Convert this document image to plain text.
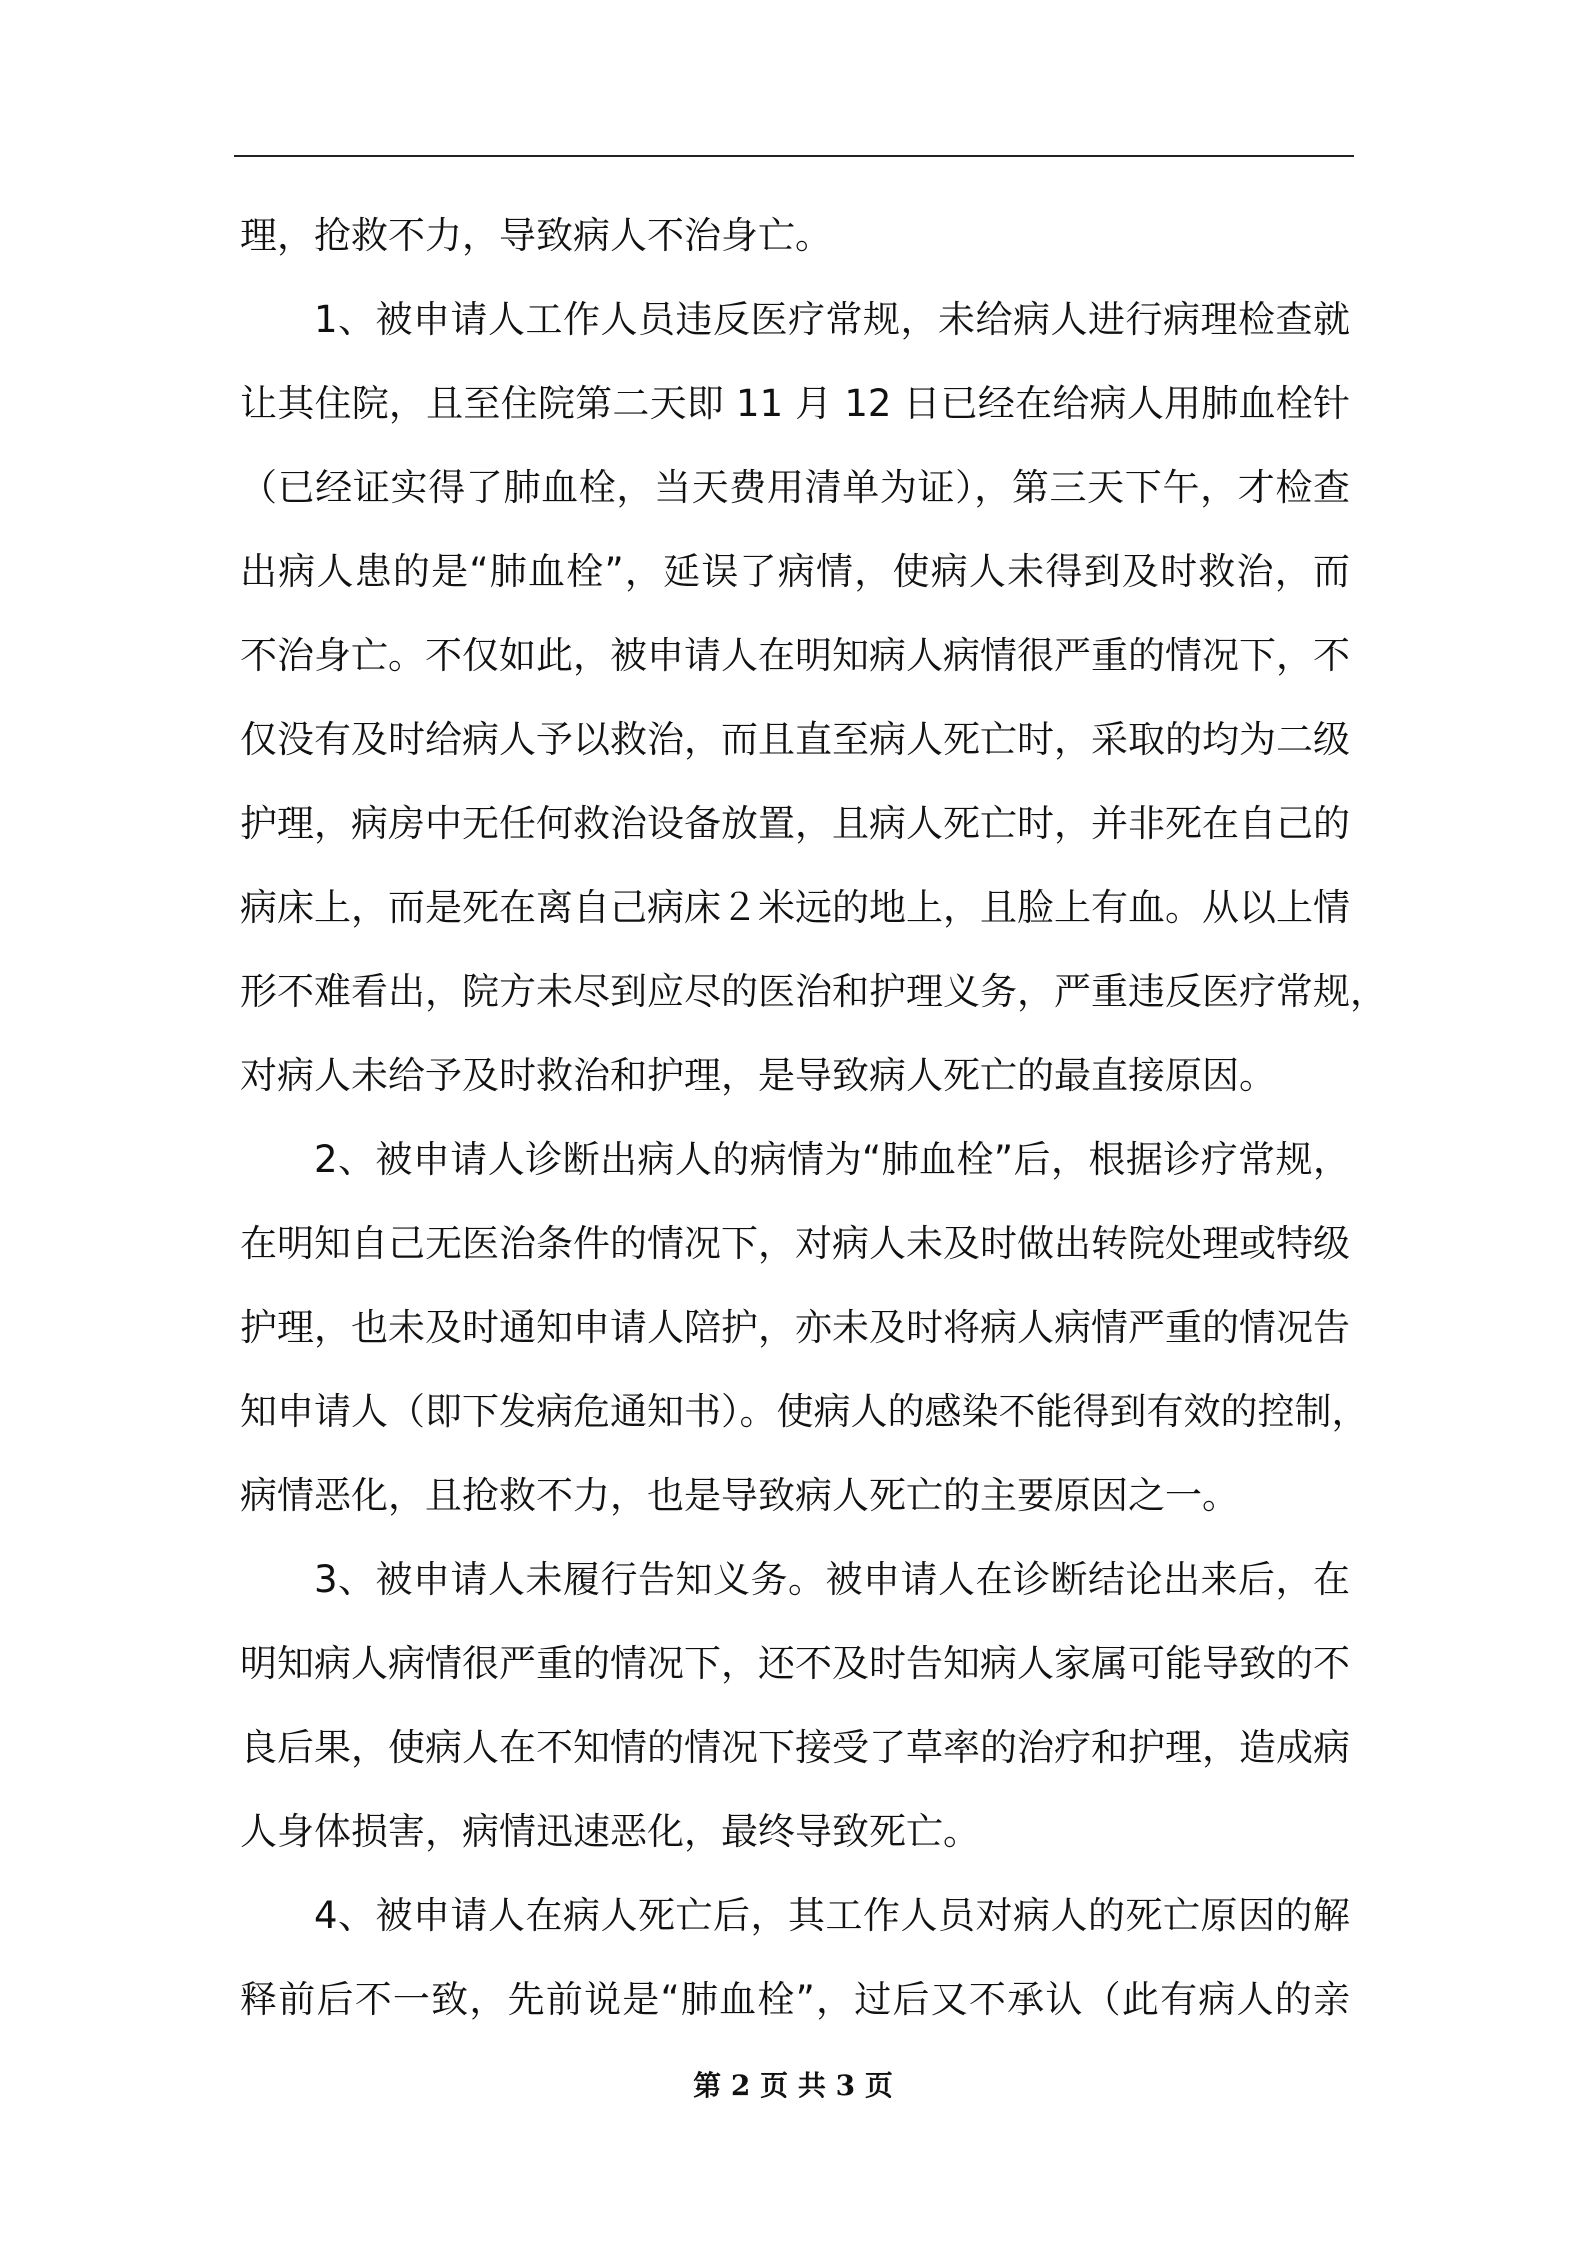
理，抢救不力，导致病人不治身亡。
1、被申请人工作人员违反医疗常规，未给病人进行病理检查就
让其住院，且至住院第二天即 11 月 12 日已经在给病人用肺血栓针
（已经证实得了肺血栓，当天费用清单为证），第三天下午，才检查
出病人患的是“肺血栓”，延误了病情，使病人未得到及时救治，而
不治身亡。不仅如此，被申请人在明知病人病情很严重的情况下，不
仅没有及时给病人予以救治，而且直至病人死亡时，采取的均为二级
护理，病房中无任何救治设备放置，且病人死亡时，并非死在自己的
病床上，而是死在离自己病床２米远的地上，且脸上有血。从以上情
形不难看出，院方未尽到应尽的医治和护理义务，严重违反医疗常规，
对病人未给予及时救治和护理，是导致病人死亡的最直接原因。
2、被申请人诊断出病人的病情为“肺血栓”后，根据诊疗常规，
在明知自己无医治条件的情况下，对病人未及时做出转院处理或特级
护理，也未及时通知申请人陪护，亦未及时将病人病情严重的情况告
知申请人（即下发病危通知书）。使病人的感染不能得到有效的控制，
病情恶化，且抢救不力，也是导致病人死亡的主要原因之一。
3、被申请人未履行告知义务。被申请人在诊断结论出来后，在
明知病人病情很严重的情况下，还不及时告知病人家属可能导致的不
良后果，使病人在不知情的情况下接受了草率的治疗和护理，造成病
人身体损害，病情迅速恶化，最终导致死亡。
4、被申请人在病人死亡后，其工作人员对病人的死亡原因的解
释前后不一致，先前说是“肺血栓”，过后又不承认（此有病人的亲
第 2 页 共 3 页
